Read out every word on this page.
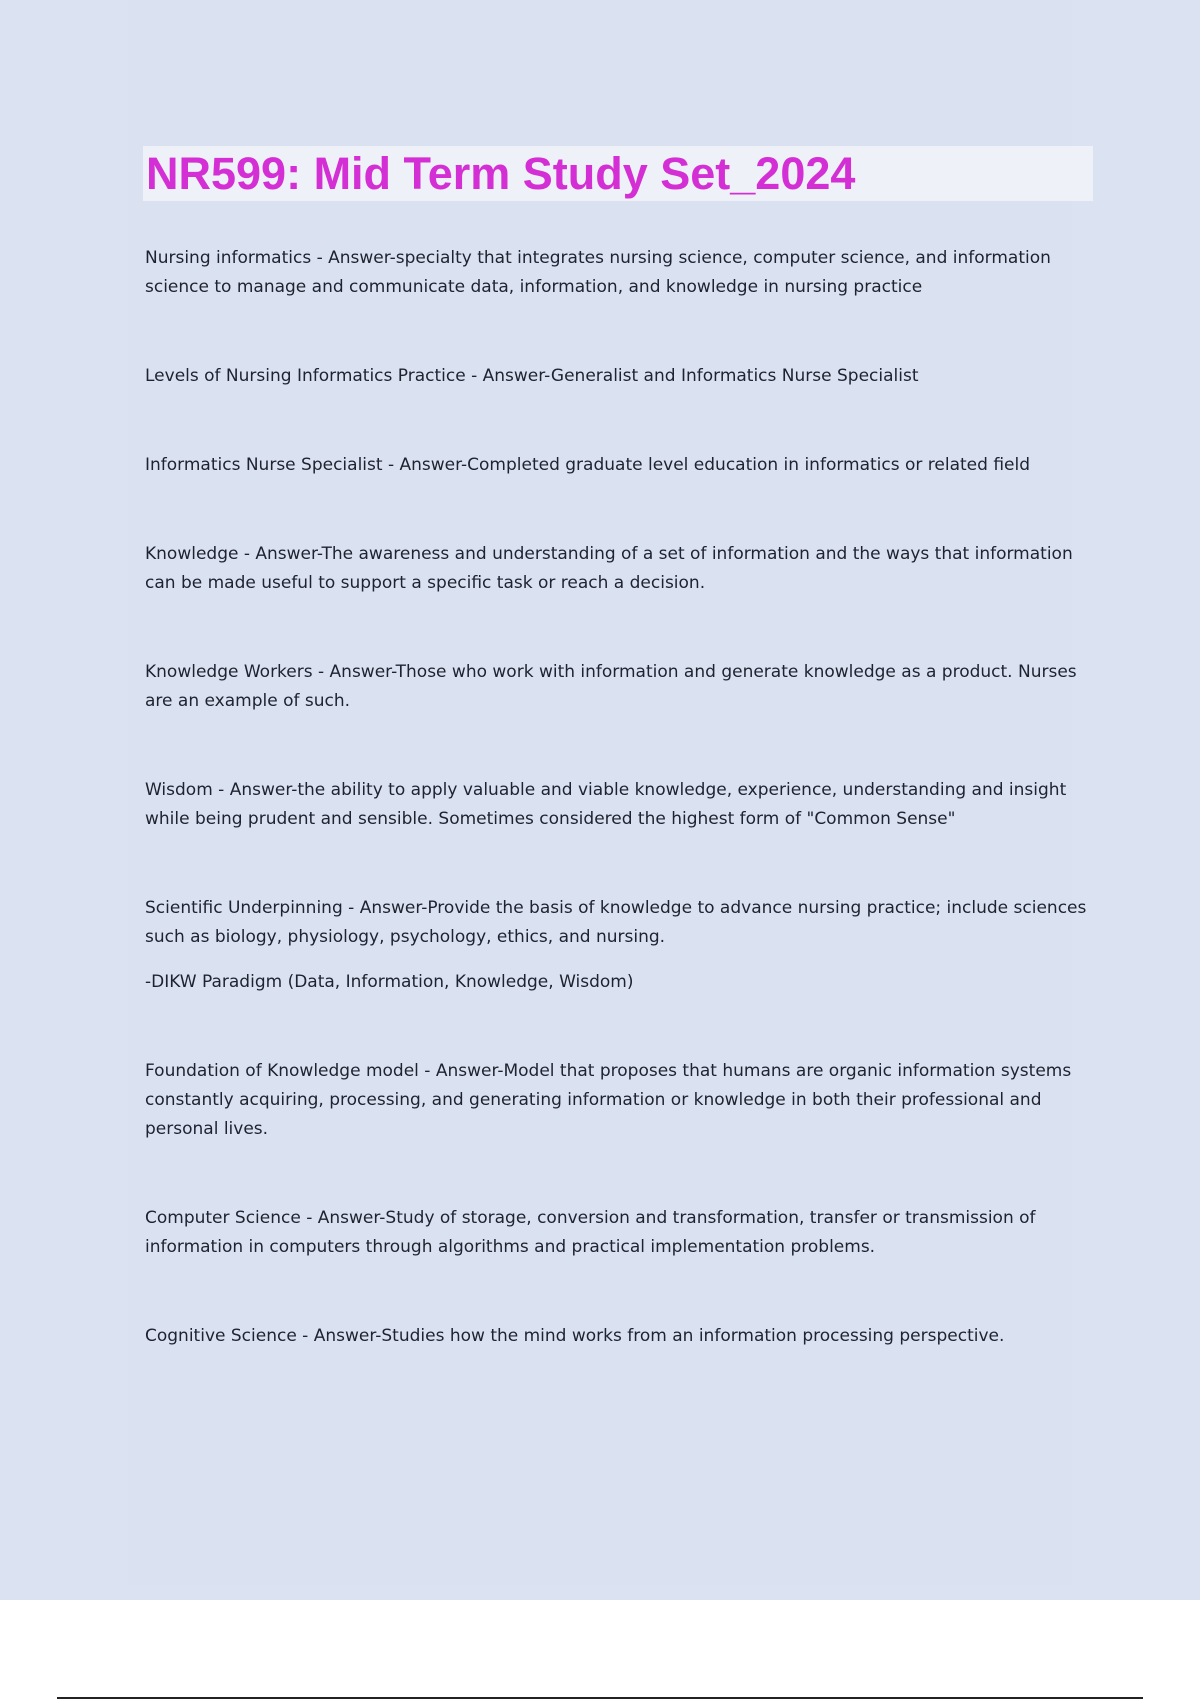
NR599: Mid Term Study Set_2024

Nursing informatics - Answer-specialty that integrates nursing science, computer science, and information science to manage and communicate data, information, and knowledge in nursing practice

Levels of Nursing Informatics Practice - Answer-Generalist and Informatics Nurse Specialist

Informatics Nurse Specialist - Answer-Completed graduate level education in informatics or related field

Knowledge - Answer-The awareness and understanding of a set of information and the ways that information can be made useful to support a specific task or reach a decision.

Knowledge Workers - Answer-Those who work with information and generate knowledge as a product. Nurses are an example of such.

Wisdom - Answer-the ability to apply valuable and viable knowledge, experience, understanding and insight while being prudent and sensible. Sometimes considered the highest form of "Common Sense"

Scientific Underpinning - Answer-Provide the basis of knowledge to advance nursing practice; include sciences such as biology, physiology, psychology, ethics, and nursing.

-DIKW Paradigm (Data, Information, Knowledge, Wisdom)

Foundation of Knowledge model - Answer-Model that proposes that humans are organic information systems constantly acquiring, processing, and generating information or knowledge in both their professional and personal lives.

Computer Science - Answer-Study of storage, conversion and transformation, transfer or transmission of information in computers through algorithms and practical implementation problems.

Cognitive Science - Answer-Studies how the mind works from an information processing perspective.
